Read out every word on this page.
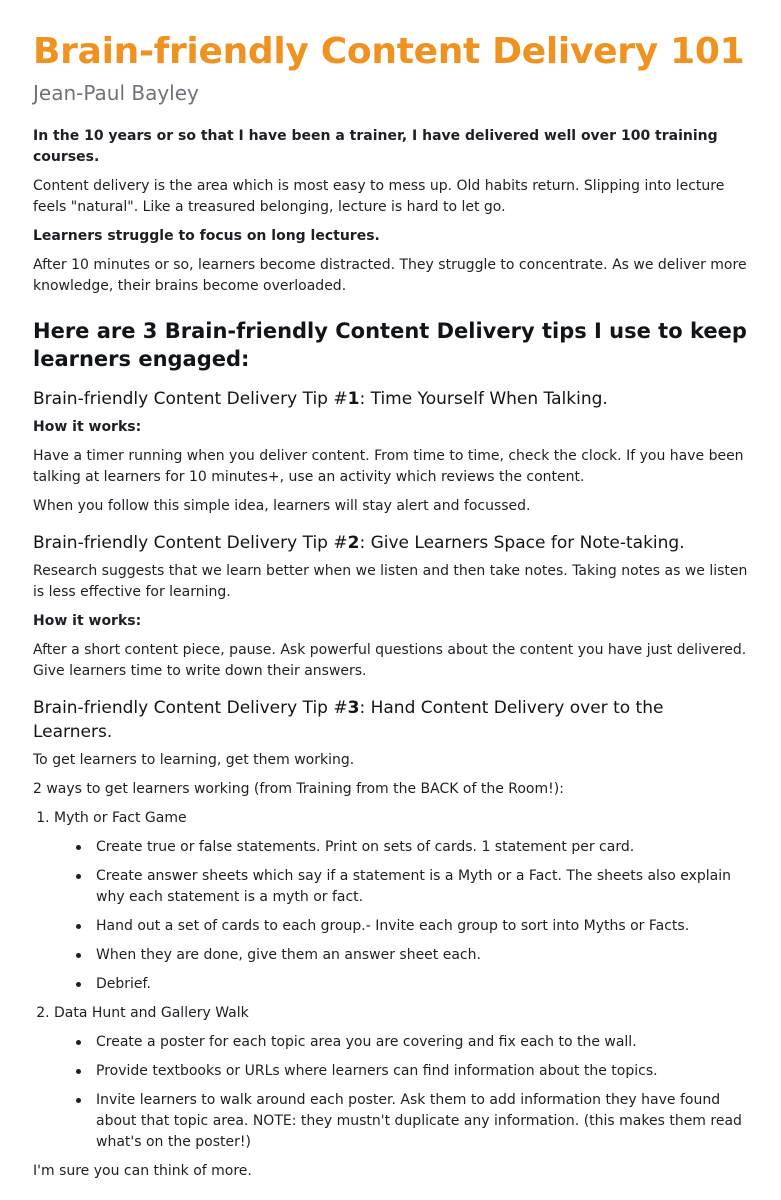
Brain-friendly Content Delivery 101
Jean-Paul Bayley

In the 10 years or so that I have been a trainer, I have delivered well over 100 training courses.

Content delivery is the area which is most easy to mess up. Old habits return. Slipping into lecture feels "natural". Like a treasured belonging, lecture is hard to let go.

Learners struggle to focus on long lectures.

After 10 minutes or so, learners become distracted. They struggle to concentrate. As we deliver more knowledge, their brains become overloaded.

Here are 3 Brain-friendly Content Delivery tips I use to keep learners engaged:
Brain-friendly Content Delivery Tip #1: Time Yourself When Talking.

How it works:

Have a timer running when you deliver content. From time to time, check the clock. If you have been talking at learners for 10 minutes+, use an activity which reviews the content.

When you follow this simple idea, learners will stay alert and focussed.

Brain-friendly Content Delivery Tip #2: Give Learners Space for Note-taking.

Research suggests that we learn better when we listen and then take notes. Taking notes as we listen is less effective for learning.

How it works:

After a short content piece, pause. Ask powerful questions about the content you have just delivered. Give learners time to write down their answers.

Brain-friendly Content Delivery Tip #3: Hand Content Delivery over to the Learners.

To get learners to learning, get them working.

2 ways to get learners working (from Training from the BACK of the Room!):

1. Myth or Fact Game
Create true or false statements. Print on sets of cards. 1 statement per card.
Create answer sheets which say if a statement is a Myth or a Fact. The sheets also explain why each statement is a myth or fact.
Hand out a set of cards to each group.- Invite each group to sort into Myths or Facts.
When they are done, give them an answer sheet each.
Debrief.
2. Data Hunt and Gallery Walk
Create a poster for each topic area you are covering and fix each to the wall.
Provide textbooks or URLs where learners can find information about the topics.
Invite learners to walk around each poster. Ask them to add information they have found about that topic area. NOTE: they mustn't duplicate any information. (this makes them read what's on the poster!)

I'm sure you can think of more.
